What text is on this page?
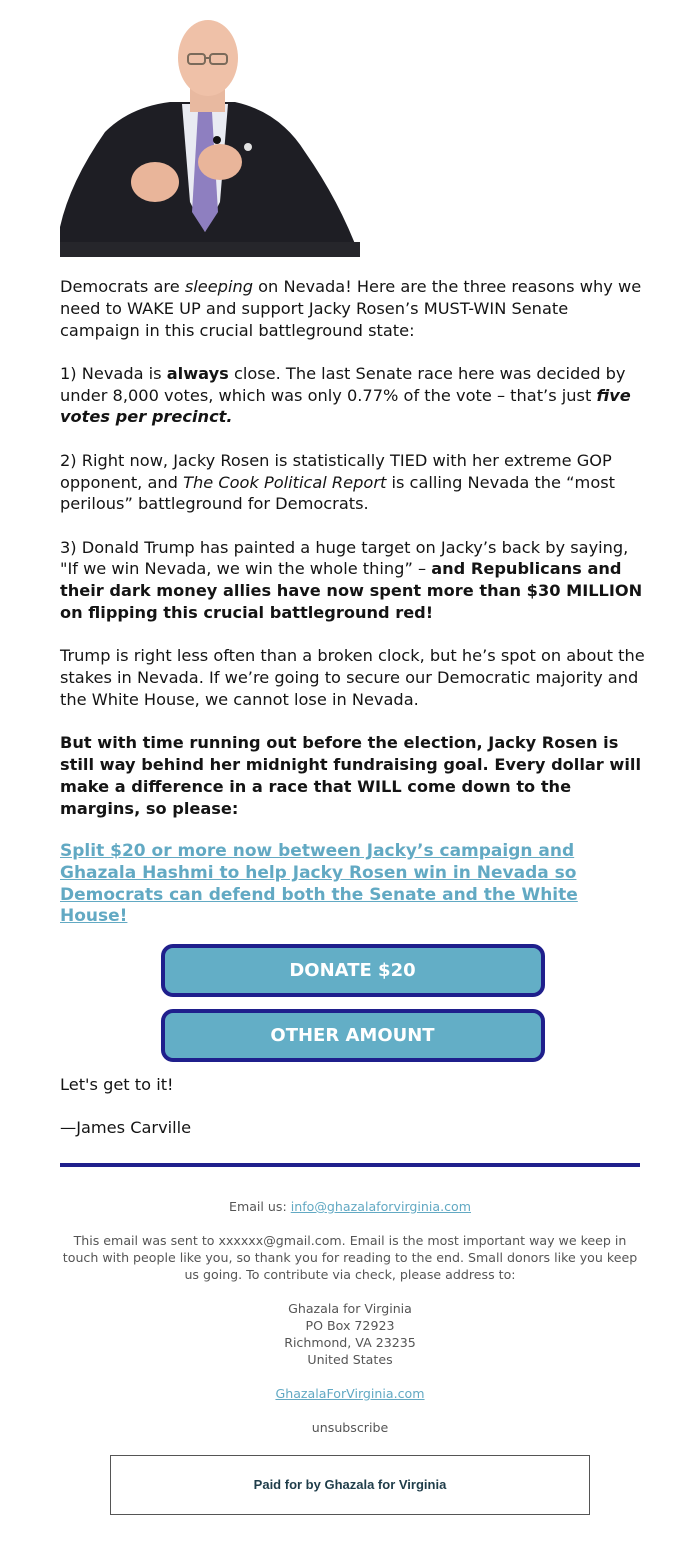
Democrats are sleeping on Nevada! Here are the three reasons why we need to WAKE UP and support Jacky Rosen’s MUST-WIN Senate campaign in this crucial battleground state:

1) Nevada is always close. The last Senate race here was decided by under 8,000 votes, which was only 0.77% of the vote – that’s just five votes per precinct.

2) Right now, Jacky Rosen is statistically TIED with her extreme GOP opponent, and The Cook Political Report is calling Nevada the “most perilous” battleground for Democrats.

3) Donald Trump has painted a huge target on Jacky’s back by saying, "If we win Nevada, we win the whole thing” – and Republicans and their dark money allies have now spent more than $30 MILLION on flipping this crucial battleground red!

Trump is right less often than a broken clock, but he’s spot on about the stakes in Nevada. If we’re going to secure our Democratic majority and the White House, we cannot lose in Nevada.

But with time running out before the election, Jacky Rosen is still way behind her midnight fundraising goal. Every dollar will make a difference in a race that WILL come down to the margins, so please:

Split $20 or more now between Jacky’s campaign and Ghazala Hashmi to help Jacky Rosen win in Nevada so Democrats can defend both the Senate and the White House!
DONATE $20
OTHER AMOUNT

Let's get to it!

—James Carville

Email us: info@ghazalaforvirginia.com

This email was sent to xxxxxx@gmail.com. Email is the most important way we keep in touch with people like you, so thank you for reading to the end. Small donors like you keep us going. To contribute via check, please address to:

Ghazala for Virginia
PO Box 72923
Richmond, VA 23235
United States

GhazalaForVirginia.com

unsubscribe

Paid for by Ghazala for Virginia
